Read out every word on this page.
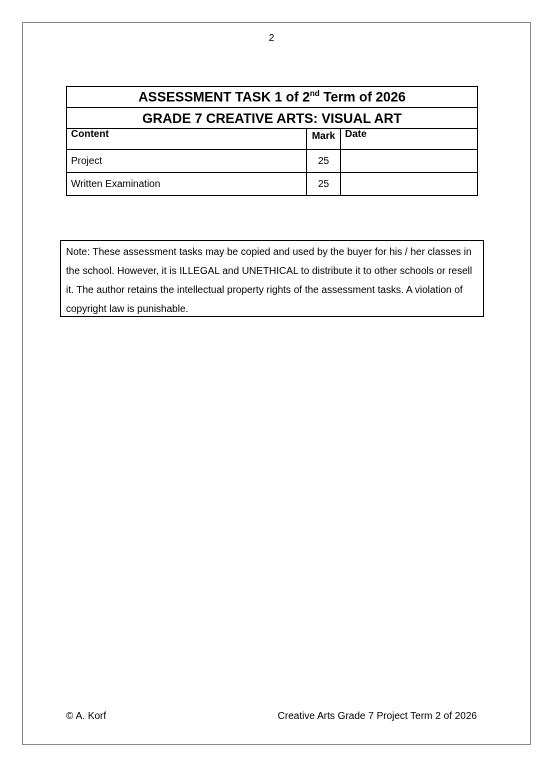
2
ASSESSMENT TASK 1 of 2nd Term of 2026		
GRADE 7 CREATIVE ARTS: VISUAL ART		
Content	Mark	Date
Project	25	
Written Examination	25	
Note: These assessment tasks may be copied and used by the buyer for his / her classes in the school. However, it is ILLEGAL and UNETHICAL to distribute it to other schools or resell it. The author retains the intellectual property rights of the assessment tasks. A violation of copyright law is punishable.
© A. Korf	Creative Arts Grade 7 Project Term 2 of 2026
